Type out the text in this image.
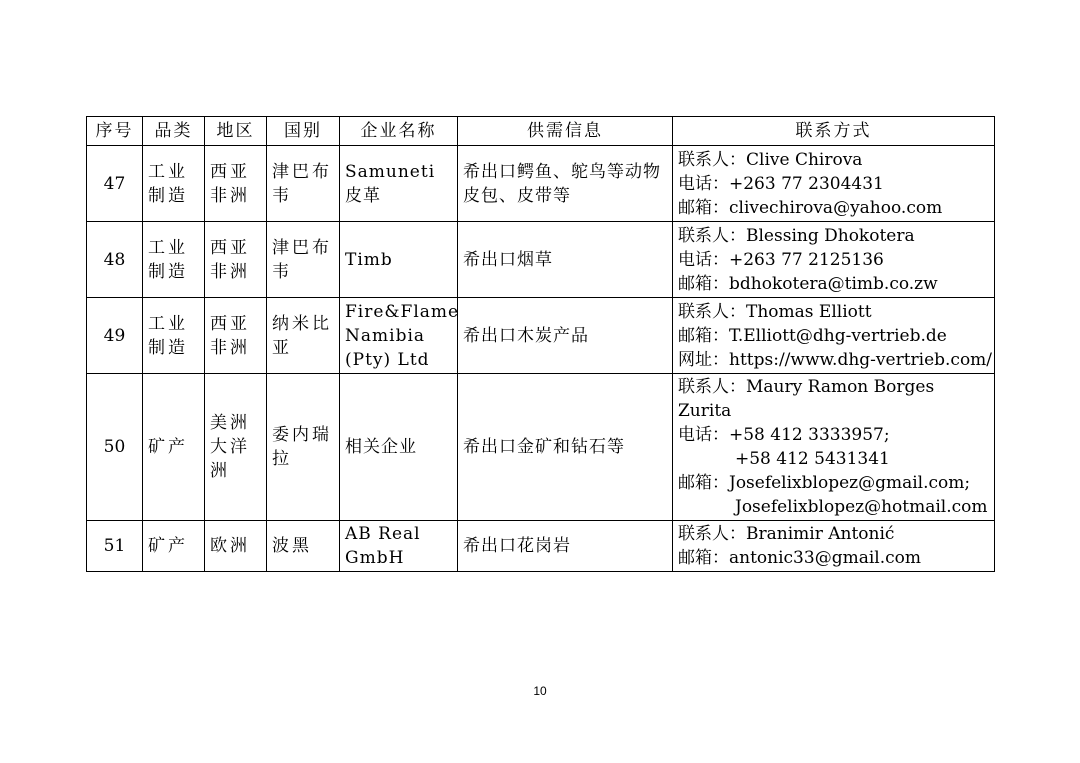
序号	品类	地区	国别	企业名称	供需信息	联系方式
47	工业制造	西亚非洲	津巴布韦	Samuneti 皮革	希出口鳄鱼、鸵鸟等动物皮包、皮带等	联系人：Clive Chirova
电话：+263 77 2304431
邮箱：clivechirova@yahoo.com

48	工业制造	西亚非洲	津巴布韦	Timb	希出口烟草	联系人：Blessing Dhokotera
电话：+263 77 2125136
邮箱：bdhokotera@timb.co.zw

49	工业制造	西亚非洲	纳米比亚	Fire&Flame Namibia (Pty) Ltd	希出口木炭产品	联系人：Thomas Elliott
邮箱：T.Elliott@dhg-vertrieb.de
网址：https://www.dhg-vertrieb.com/

50	矿产	美洲大洋洲	委内瑞拉	相关企业	希出口金矿和钻石等	联系人：Maury Ramon Borges Zurita
电话：+58 412 3333957;
+58 412 5431341
邮箱：Josefelixblopez@gmail.com;
Josefelixblopez@hotmail.com

51	矿产	欧洲	波黑	AB Real GmbH	希出口花岗岩	联系人：Branimir Antonić
邮箱：antonic33@gmail.com
10
